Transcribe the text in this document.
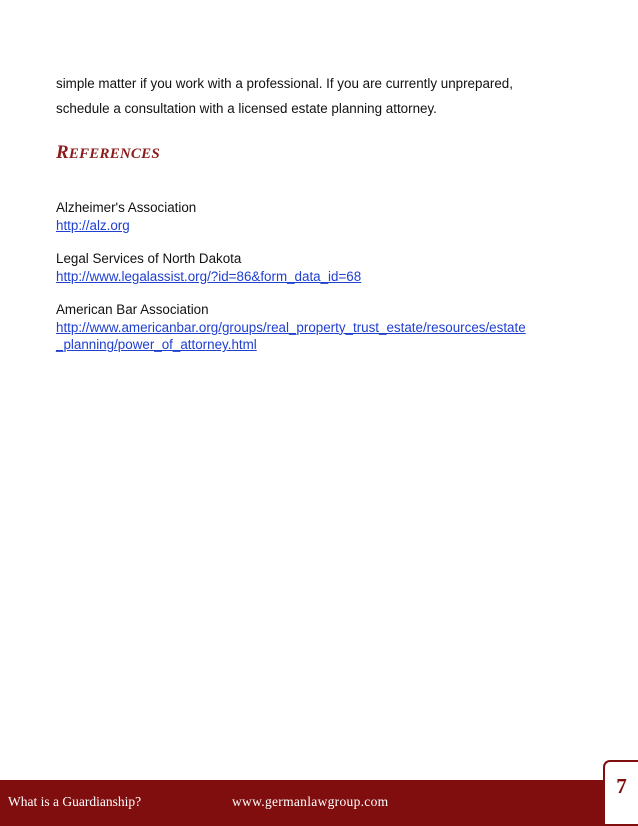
simple matter if you work with a professional. If you are currently unprepared,
schedule a consultation with a licensed estate planning attorney.

REFERENCES
Alzheimer's Association
http://alz.org
Legal Services of North Dakota
http://www.legalassist.org/?id=86&form_data_id=68
American Bar Association
http://www.americanbar.org/groups/real_property_trust_estate/resources/estate
_planning/power_of_attorney.html

What is a Guardianship?	www.germanlawgroup.com

7
